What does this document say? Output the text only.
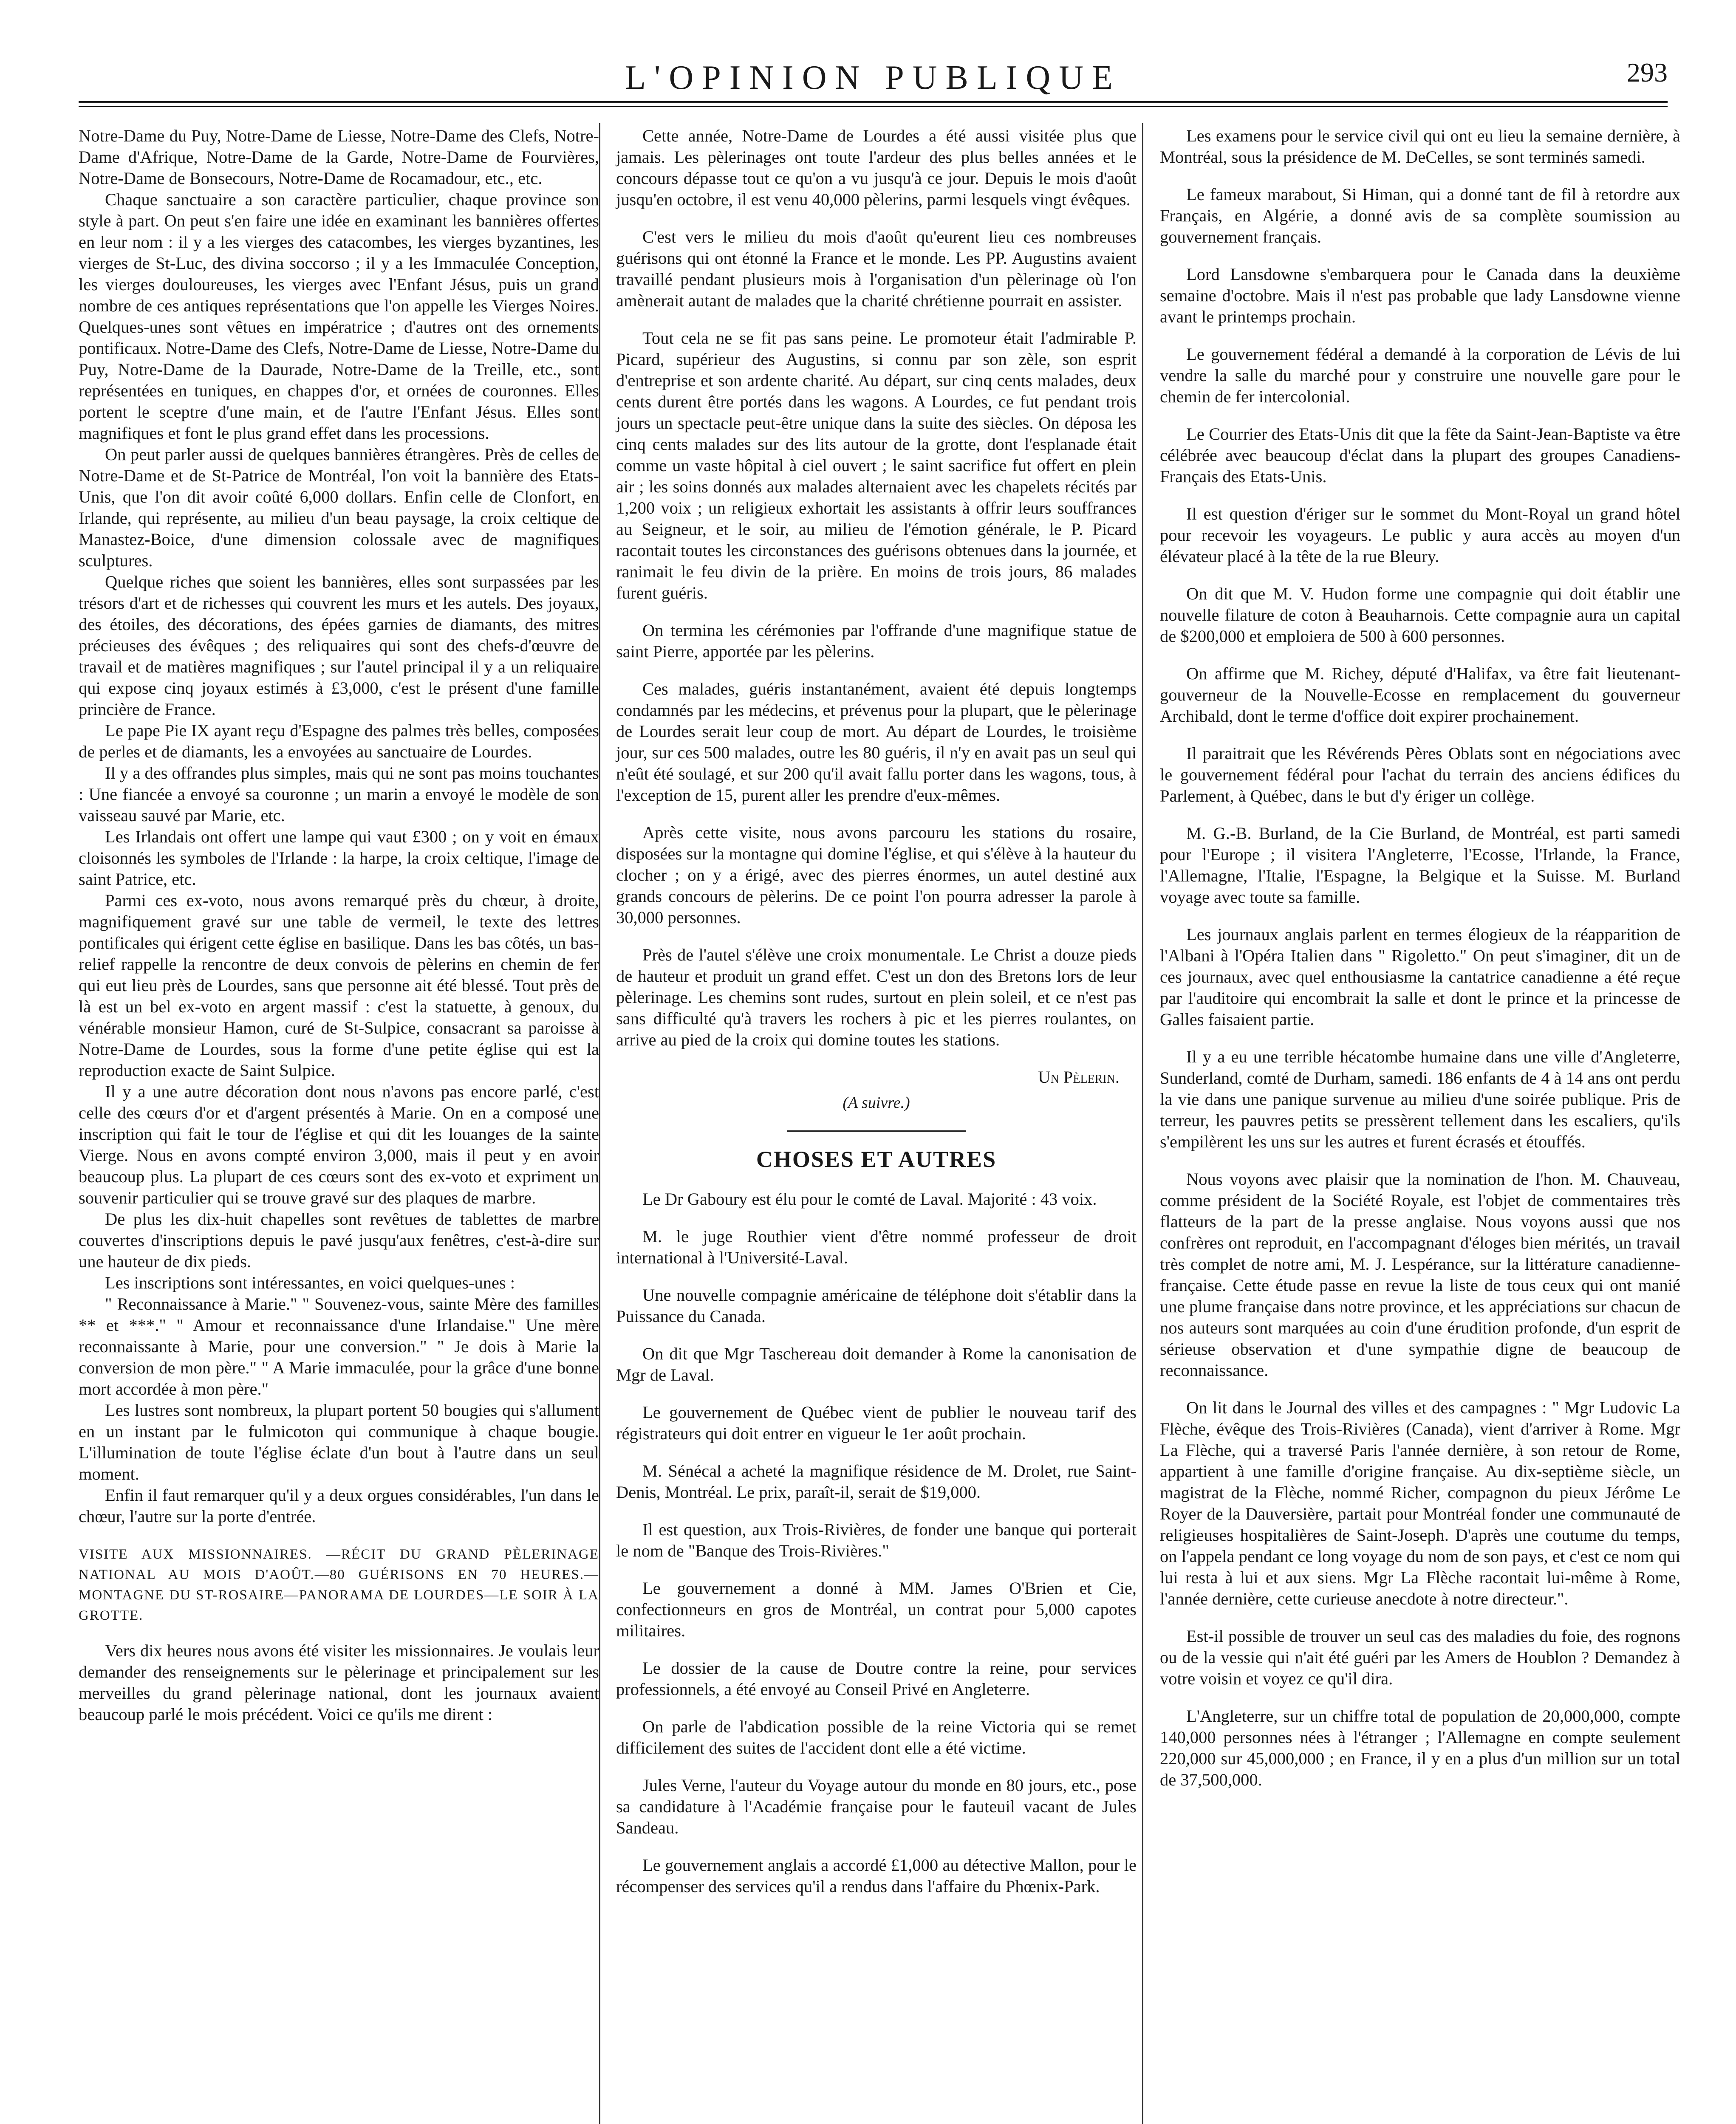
L'OPINION PUBLIQUE	293

Notre-Dame du Puy, Notre-Dame de Liesse, Notre-Dame des Clefs, Notre-Dame d'Afrique, Notre-Dame de la Garde, Notre-Dame de Fourvières, Notre-Dame de Bonsecours, Notre-Dame de Rocamadour, etc., etc.

Chaque sanctuaire a son caractère particulier, chaque province son style à part. On peut s'en faire une idée en examinant les bannières offertes en leur nom : il y a les vierges des catacombes, les vierges byzantines, les vierges de St-Luc, des divina soccorso ; il y a les Immaculée Conception, les vierges douloureuses, les vierges avec l'Enfant Jésus, puis un grand nombre de ces antiques représentations que l'on appelle les Vierges Noires. Quelques-unes sont vêtues en impératrice ; d'autres ont des ornements pontificaux. Notre-Dame des Clefs, Notre-Dame de Liesse, Notre-Dame du Puy, Notre-Dame de la Daurade, Notre-Dame de la Treille, etc., sont représentées en tuniques, en chappes d'or, et ornées de couronnes. Elles portent le sceptre d'une main, et de l'autre l'Enfant Jésus. Elles sont magnifiques et font le plus grand effet dans les processions.

On peut parler aussi de quelques bannières étrangères. Près de celles de Notre-Dame et de St-Patrice de Montréal, l'on voit la bannière des Etats-Unis, que l'on dit avoir coûté 6,000 dollars. Enfin celle de Clonfort, en Irlande, qui représente, au milieu d'un beau paysage, la croix celtique de Manastez-Boice, d'une dimension colossale avec de magnifiques sculptures.

Quelque riches que soient les bannières, elles sont surpassées par les trésors d'art et de richesses qui couvrent les murs et les autels. Des joyaux, des étoiles, des décorations, des épées garnies de diamants, des mitres précieuses des évêques ; des reliquaires qui sont des chefs-d'œuvre de travail et de matières magnifiques ; sur l'autel principal il y a un reliquaire qui expose cinq joyaux estimés à £3,000, c'est le présent d'une famille princière de France.

Le pape Pie IX ayant reçu d'Espagne des palmes très belles, composées de perles et de diamants, les a envoyées au sanctuaire de Lourdes.

Il y a des offrandes plus simples, mais qui ne sont pas moins touchantes : Une fiancée a envoyé sa couronne ; un marin a envoyé le modèle de son vaisseau sauvé par Marie, etc.

Les Irlandais ont offert une lampe qui vaut £300 ; on y voit en émaux cloisonnés les symboles de l'Irlande : la harpe, la croix celtique, l'image de saint Patrice, etc.

Parmi ces ex-voto, nous avons remarqué près du chœur, à droite, magnifiquement gravé sur une table de vermeil, le texte des lettres pontificales qui érigent cette église en basilique. Dans les bas côtés, un bas-relief rappelle la rencontre de deux convois de pèlerins en chemin de fer qui eut lieu près de Lourdes, sans que personne ait été blessé. Tout près de là est un bel ex-voto en argent massif : c'est la statuette, à genoux, du vénérable monsieur Hamon, curé de St-Sulpice, consacrant sa paroisse à Notre-Dame de Lourdes, sous la forme d'une petite église qui est la reproduction exacte de Saint Sulpice.

Il y a une autre décoration dont nous n'avons pas encore parlé, c'est celle des cœurs d'or et d'argent présentés à Marie. On en a composé une inscription qui fait le tour de l'église et qui dit les louanges de la sainte Vierge. Nous en avons compté environ 3,000, mais il peut y en avoir beaucoup plus. La plupart de ces cœurs sont des ex-voto et expriment un souvenir particulier qui se trouve gravé sur des plaques de marbre.

De plus les dix-huit chapelles sont revêtues de tablettes de marbre couvertes d'inscriptions depuis le pavé jusqu'aux fenêtres, c'est-à-dire sur une hauteur de dix pieds.

Les inscriptions sont intéressantes, en voici quelques-unes :

" Reconnaissance à Marie." " Souvenez-vous, sainte Mère des familles ** et ***." " Amour et reconnaissance d'une Irlandaise." Une mère reconnaissante à Marie, pour une conversion." " Je dois à Marie la conversion de mon père." " A Marie immaculée, pour la grâce d'une bonne mort accordée à mon père."

Les lustres sont nombreux, la plupart portent 50 bougies qui s'allument en un instant par le fulmicoton qui communique à chaque bougie. L'illumination de toute l'église éclate d'un bout à l'autre dans un seul moment.

Enfin il faut remarquer qu'il y a deux orgues considérables, l'un dans le chœur, l'autre sur la porte d'entrée.

VISITE AUX MISSIONNAIRES. —RÉCIT DU GRAND PÈLERINAGE NATIONAL AU MOIS D'AOÛT.—80 GUÉRISONS EN 70 HEURES.—MONTAGNE DU ST-ROSAIRE—PANORAMA DE LOURDES—LE SOIR À LA GROTTE.

Vers dix heures nous avons été visiter les missionnaires. Je voulais leur demander des renseignements sur le pèlerinage et principalement sur les merveilles du grand pèlerinage national, dont les journaux avaient beaucoup parlé le mois précédent. Voici ce qu'ils me dirent :

Cette année, Notre-Dame de Lourdes a été aussi visitée plus que jamais. Les pèlerinages ont toute l'ardeur des plus belles années et le concours dépasse tout ce qu'on a vu jusqu'à ce jour. Depuis le mois d'août jusqu'en octobre, il est venu 40,000 pèlerins, parmi lesquels vingt évêques.

C'est vers le milieu du mois d'août qu'eurent lieu ces nombreuses guérisons qui ont étonné la France et le monde. Les PP. Augustins avaient travaillé pendant plusieurs mois à l'organisation d'un pèlerinage où l'on amènerait autant de malades que la charité chrétienne pourrait en assister.

Tout cela ne se fit pas sans peine. Le promoteur était l'admirable P. Picard, supérieur des Augustins, si connu par son zèle, son esprit d'entreprise et son ardente charité. Au départ, sur cinq cents malades, deux cents durent être portés dans les wagons. A Lourdes, ce fut pendant trois jours un spectacle peut-être unique dans la suite des siècles. On déposa les cinq cents malades sur des lits autour de la grotte, dont l'esplanade était comme un vaste hôpital à ciel ouvert ; le saint sacrifice fut offert en plein air ; les soins donnés aux malades alternaient avec les chapelets récités par 1,200 voix ; un religieux exhortait les assistants à offrir leurs souffrances au Seigneur, et le soir, au milieu de l'émotion générale, le P. Picard racontait toutes les circonstances des guérisons obtenues dans la journée, et ranimait le feu divin de la prière. En moins de trois jours, 86 malades furent guéris.

On termina les cérémonies par l'offrande d'une magnifique statue de saint Pierre, apportée par les pèlerins.

Ces malades, guéris instantanément, avaient été depuis longtemps condamnés par les médecins, et prévenus pour la plupart, que le pèlerinage de Lourdes serait leur coup de mort. Au départ de Lourdes, le troisième jour, sur ces 500 malades, outre les 80 guéris, il n'y en avait pas un seul qui n'eût été soulagé, et sur 200 qu'il avait fallu porter dans les wagons, tous, à l'exception de 15, purent aller les prendre d'eux-mêmes.

Après cette visite, nous avons parcouru les stations du rosaire, disposées sur la montagne qui domine l'église, et qui s'élève à la hauteur du clocher ; on y a érigé, avec des pierres énormes, un autel destiné aux grands concours de pèlerins. De ce point l'on pourra adresser la parole à 30,000 personnes.

Près de l'autel s'élève une croix monumentale. Le Christ a douze pieds de hauteur et produit un grand effet. C'est un don des Bretons lors de leur pèlerinage. Les chemins sont rudes, surtout en plein soleil, et ce n'est pas sans difficulté qu'à travers les rochers à pic et les pierres roulantes, on arrive au pied de la croix qui domine toutes les stations.

Un Pèlerin.
(A suivre.)
CHOSES ET AUTRES

Le Dr Gaboury est élu pour le comté de Laval. Majorité : 43 voix.

M. le juge Routhier vient d'être nommé professeur de droit international à l'Université-Laval.

Une nouvelle compagnie américaine de téléphone doit s'établir dans la Puissance du Canada.

On dit que Mgr Taschereau doit demander à Rome la canonisation de Mgr de Laval.

Le gouvernement de Québec vient de publier le nouveau tarif des régistrateurs qui doit entrer en vigueur le 1er août prochain.

M. Sénécal a acheté la magnifique résidence de M. Drolet, rue Saint-Denis, Montréal. Le prix, paraît-il, serait de $19,000.

Il est question, aux Trois-Rivières, de fonder une banque qui porterait le nom de "Banque des Trois-Rivières."

Le gouvernement a donné à MM. James O'Brien et Cie, confectionneurs en gros de Montréal, un contrat pour 5,000 capotes militaires.

Le dossier de la cause de Doutre contre la reine, pour services professionnels, a été envoyé au Conseil Privé en Angleterre.

On parle de l'abdication possible de la reine Victoria qui se remet difficilement des suites de l'accident dont elle a été victime.

Jules Verne, l'auteur du Voyage autour du monde en 80 jours, etc., pose sa candidature à l'Académie française pour le fauteuil vacant de Jules Sandeau.

Le gouvernement anglais a accordé £1,000 au détective Mallon, pour le récompenser des services qu'il a rendus dans l'affaire du Phœnix-Park.

Les examens pour le service civil qui ont eu lieu la semaine dernière, à Montréal, sous la présidence de M. DeCelles, se sont terminés samedi.

Le fameux marabout, Si Himan, qui a donné tant de fil à retordre aux Français, en Algérie, a donné avis de sa complète soumission au gouvernement français.

Lord Lansdowne s'embarquera pour le Canada dans la deuxième semaine d'octobre. Mais il n'est pas probable que lady Lansdowne vienne avant le printemps prochain.

Le gouvernement fédéral a demandé à la corporation de Lévis de lui vendre la salle du marché pour y construire une nouvelle gare pour le chemin de fer intercolonial.

Le Courrier des Etats-Unis dit que la fête da Saint-Jean-Baptiste va être célébrée avec beaucoup d'éclat dans la plupart des groupes Canadiens-Français des Etats-Unis.

Il est question d'ériger sur le sommet du Mont-Royal un grand hôtel pour recevoir les voyageurs. Le public y aura accès au moyen d'un élévateur placé à la tête de la rue Bleury.

On dit que M. V. Hudon forme une compagnie qui doit établir une nouvelle filature de coton à Beauharnois. Cette compagnie aura un capital de $200,000 et emploiera de 500 à 600 personnes.

On affirme que M. Richey, député d'Halifax, va être fait lieutenant-gouverneur de la Nouvelle-Ecosse en remplacement du gouverneur Archibald, dont le terme d'office doit expirer prochainement.

Il paraitrait que les Révérends Pères Oblats sont en négociations avec le gouvernement fédéral pour l'achat du terrain des anciens édifices du Parlement, à Québec, dans le but d'y ériger un collège.

M. G.-B. Burland, de la Cie Burland, de Montréal, est parti samedi pour l'Europe ; il visitera l'Angleterre, l'Ecosse, l'Irlande, la France, l'Allemagne, l'Italie, l'Espagne, la Belgique et la Suisse. M. Burland voyage avec toute sa famille.

Les journaux anglais parlent en termes élogieux de la réapparition de l'Albani à l'Opéra Italien dans " Rigoletto." On peut s'imaginer, dit un de ces journaux, avec quel enthousiasme la cantatrice canadienne a été reçue par l'auditoire qui encombrait la salle et dont le prince et la princesse de Galles faisaient partie.

Il y a eu une terrible hécatombe humaine dans une ville d'Angleterre, Sunderland, comté de Durham, samedi. 186 enfants de 4 à 14 ans ont perdu la vie dans une panique survenue au milieu d'une soirée publique. Pris de terreur, les pauvres petits se pressèrent tellement dans les escaliers, qu'ils s'empilèrent les uns sur les autres et furent écrasés et étouffés.

Nous voyons avec plaisir que la nomination de l'hon. M. Chauveau, comme président de la Société Royale, est l'objet de commentaires très flatteurs de la part de la presse anglaise. Nous voyons aussi que nos confrères ont reproduit, en l'accompagnant d'éloges bien mérités, un travail très complet de notre ami, M. J. Lespérance, sur la littérature canadienne-française. Cette étude passe en revue la liste de tous ceux qui ont manié une plume française dans notre province, et les appréciations sur chacun de nos auteurs sont marquées au coin d'une érudition profonde, d'un esprit de sérieuse observation et d'une sympathie digne de beaucoup de reconnaissance.

On lit dans le Journal des villes et des campagnes : " Mgr Ludovic La Flèche, évêque des Trois-Rivières (Canada), vient d'arriver à Rome. Mgr La Flèche, qui a traversé Paris l'année dernière, à son retour de Rome, appartient à une famille d'origine française. Au dix-septième siècle, un magistrat de la Flèche, nommé Richer, compagnon du pieux Jérôme Le Royer de la Dauversière, partait pour Montréal fonder une communauté de religieuses hospitalières de Saint-Joseph. D'après une coutume du temps, on l'appela pendant ce long voyage du nom de son pays, et c'est ce nom qui lui resta à lui et aux siens. Mgr La Flèche racontait lui-même à Rome, l'année dernière, cette curieuse anecdote à notre directeur.".

Est-il possible de trouver un seul cas des maladies du foie, des rognons ou de la vessie qui n'ait été guéri par les Amers de Houblon ? Demandez à votre voisin et voyez ce qu'il dira.

L'Angleterre, sur un chiffre total de population de 20,000,000, compte 140,000 personnes nées à l'étranger ; l'Allemagne en compte seulement 220,000 sur 45,000,000 ; en France, il y en a plus d'un million sur un total de 37,500,000.
